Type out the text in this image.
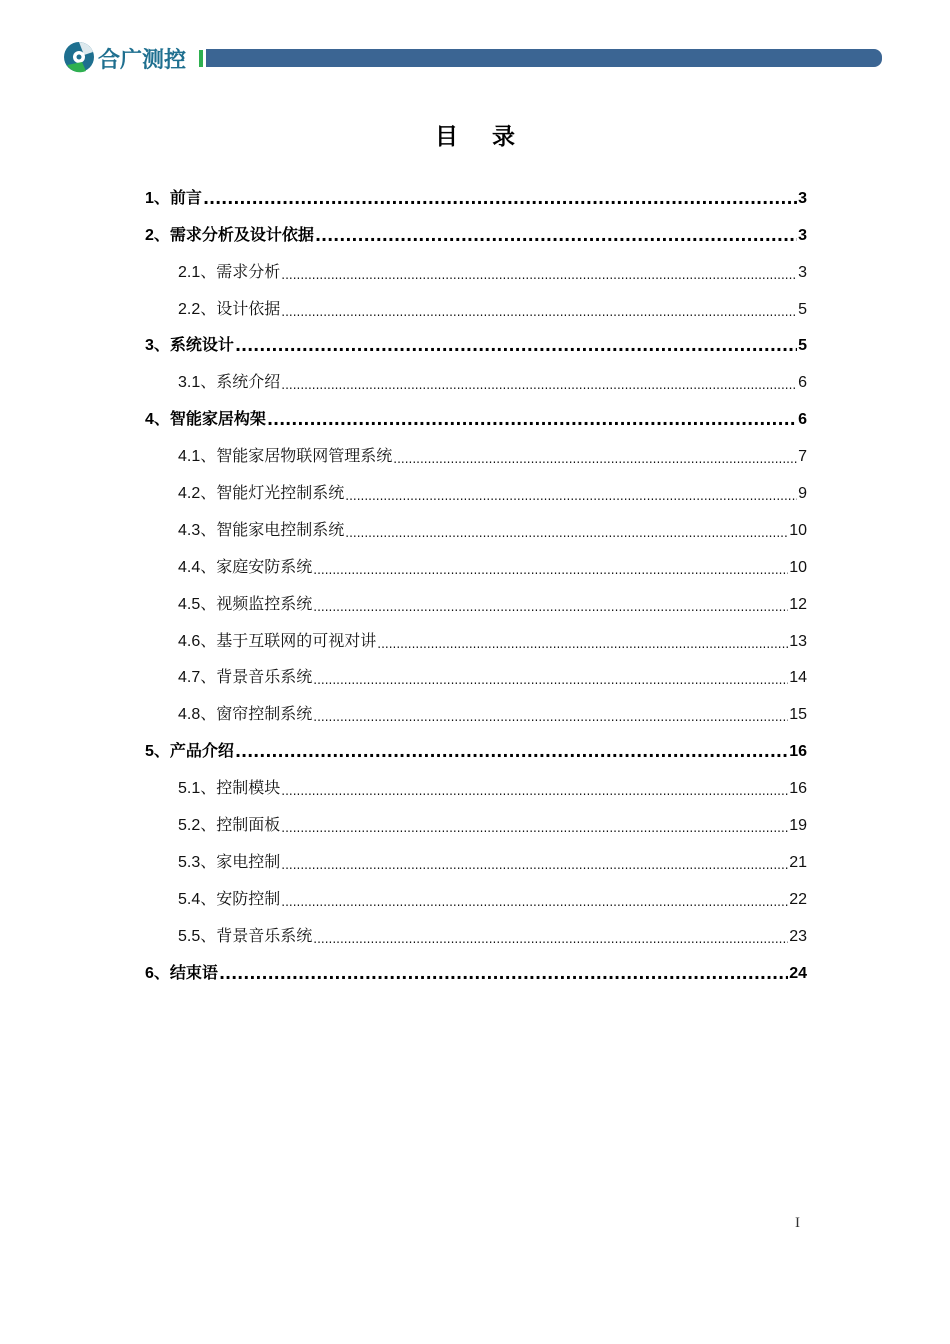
合广测控
目 录
1、前言 .....	3
2、需求分析及设计依据 .....	3
2.1、需求分析 .....	3
2.2、设计依据 .....	5
3、系统设计 .....	5
3.1、系统介绍 .....	6
4、智能家居构架 .....	6
4.1、智能家居物联网管理系统 .....	7
4.2、智能灯光控制系统 .....	9
4.3、智能家电控制系统 .....	10
4.4、家庭安防系统 .....	10
4.5、视频监控系统 .....	12
4.6、基于互联网的可视对讲 .....	13
4.7、背景音乐系统 .....	14
4.8、窗帘控制系统 .....	15
5、产品介绍 .....	16
5.1、控制模块 .....	16
5.2、控制面板 .....	19
5.3、家电控制 .....	21
5.4、安防控制 .....	22
5.5、背景音乐系统 .....	23
6、结束语 .....	24
I
